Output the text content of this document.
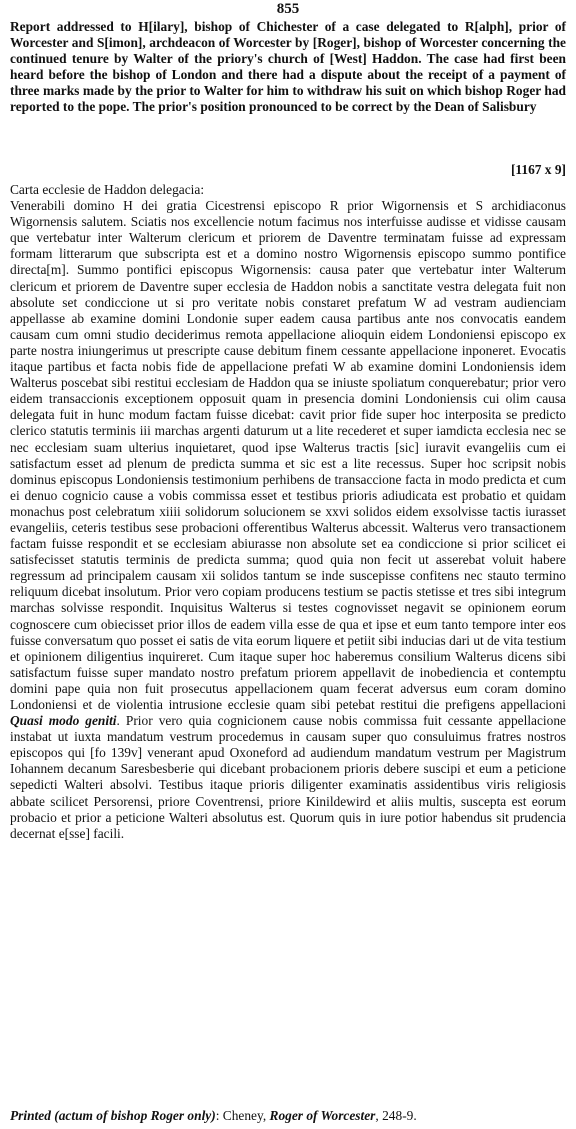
855
Report addressed to H[ilary], bishop of Chichester of a case delegated to R[alph], prior of Worcester and S[imon], archdeacon of Worcester by [Roger], bishop of Worcester concerning the continued tenure by Walter of the priory's church of [West] Haddon. The case had first been heard before the bishop of London and there had a dispute about the receipt of a payment of three marks made by the prior to Walter for him to withdraw his suit on which bishop Roger had reported to the pope. The prior's position pronounced to be correct by the Dean of Salisbury
[1167 x 9]

Carta ecclesie de Haddon delegacia:

Venerabili domino H dei gratia Cicestrensi episcopo R prior Wigornensis et S archidiaconus Wigornensis salutem. Sciatis nos excellencie notum facimus nos interfuisse audisse et vidisse causam que vertebatur inter Walterum clericum et priorem de Daventre terminatam fuisse ad expressam formam litterarum que subscripta est et a domino nostro Wigornensis episcopo summo pontifice directa[m]. Summo pontifici episcopus Wigornensis: causa pater que vertebatur inter Walterum clericum et priorem de Daventre super ecclesia de Haddon nobis a sanctitate vestra delegata fuit non absolute set condiccione ut si pro veritate nobis constaret prefatum W ad vestram audienciam appellasse ab examine domini Londonie super eadem causa partibus ante nos convocatis eandem causam cum omni studio deciderimus remota appellacione alioquin eidem Londoniensi episcopo ex parte nostra iniungerimus ut prescripte cause debitum finem cessante appellacione inponeret. Evocatis itaque partibus et facta nobis fide de appellacione prefati W ab examine domini Londoniensis idem Walterus poscebat sibi restitui ecclesiam de Haddon qua se iniuste spoliatum conquerebatur; prior vero eidem transaccionis exceptionem opposuit quam in presencia domini Londoniensis cui olim causa delegata fuit in hunc modum factam fuisse dicebat: cavit prior fide super hoc interposita se predicto clerico statutis terminis iii marchas argenti daturum ut a lite recederet et super iamdicta ecclesia nec se nec ecclesiam suam ulterius inquietaret, quod ipse Walterus tractis [sic] iuravit evangeliis cum ei satisfactum esset ad plenum de predicta summa et sic est a lite recessus. Super hoc scripsit nobis dominus episcopus Londoniensis testimonium perhibens de transaccione facta in modo predicta et cum ei denuo cognicio cause a vobis commissa esset et testibus prioris adiudicata est probatio et quidam monachus post celebratum xiiii solidorum solucionem se xxvi solidos eidem exsolvisse tactis iurasset evangeliis, ceteris testibus sese probacioni offerentibus Walterus abcessit. Walterus vero transactionem factam fuisse respondit et se ecclesiam abiurasse non absolute set ea condiccione si prior scilicet ei satisfecisset statutis terminis de predicta summa; quod quia non fecit ut asserebat voluit habere regressum ad principalem causam xii solidos tantum se inde suscepisse confitens nec stauto termino reliquum dicebat insolutum. Prior vero copiam producens testium se pactis stetisse et tres sibi integrum marchas solvisse respondit. Inquisitus Walterus si testes cognovisset negavit se opinionem eorum cognoscere cum obiecisset prior illos de eadem villa esse de qua et ipse et eum tanto tempore inter eos fuisse conversatum quo posset ei satis de vita eorum liquere et petiit sibi inducias dari ut de vita testium et opinionem diligentius inquireret. Cum itaque super hoc haberemus consilium Walterus dicens sibi satisfactum fuisse super mandato nostro prefatum priorem appellavit de inobediencia et contemptu domini pape quia non fuit prosecutus appellacionem quam fecerat adversus eum coram domino Londoniensi et de violentia intrusione ecclesie quam sibi petebat restitui die prefigens appellacioni Quasi modo geniti. Prior vero quia cognicionem cause nobis commissa fuit cessante appellacione instabat ut iuxta mandatum vestrum procedemus in causam super quo consuluimus fratres nostros episcopos qui [fo 139v] venerant apud Oxoneford ad audiendum mandatum vestrum per Magistrum Iohannem decanum Saresbesberie qui dicebant probacionem prioris debere suscipi et eum a peticione sepedicti Walteri absolvi. Testibus itaque prioris diligenter examinatis assidentibus viris religiosis abbate scilicet Persorensi, priore Coventrensi, priore Kinildewird et aliis multis, suscepta est eorum probacio et prior a peticione Walteri absolutus est. Quorum quis in iure potior habendus sit prudencia decernat e[sse] facili.

Printed (actum of bishop Roger only): Cheney, Roger of Worcester, 248-9.
